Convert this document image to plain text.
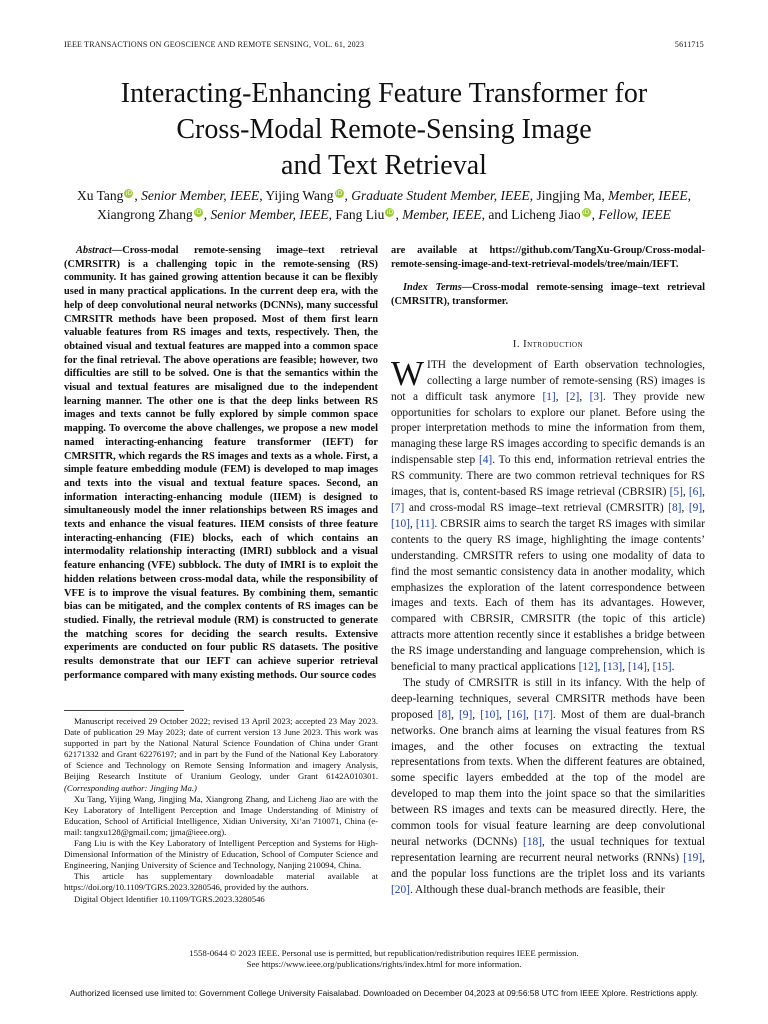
IEEE TRANSACTIONS ON GEOSCIENCE AND REMOTE SENSING, VOL. 61, 2023	5611715
Interacting-Enhancing Feature Transformer for
Cross-Modal Remote-Sensing Image
and Text Retrieval
Xu Tang iD , Senior Member, IEEE, Yijing Wang iD , Graduate Student Member, IEEE, Jingjing Ma, Member, IEEE,
Xiangrong Zhang iD , Senior Member, IEEE, Fang Liu iD , Member, IEEE, and Licheng Jiao iD , Fellow, IEEE

Abstract—Cross-modal remote-sensing image–text retrieval (CMRSITR) is a challenging topic in the remote-sensing (RS) community. It has gained growing attention because it can be flexibly used in many practical applications. In the current deep era, with the help of deep convolutional neural networks (DCNNs), many successful CMRSITR methods have been proposed. Most of them first learn valuable features from RS images and texts, respectively. Then, the obtained visual and textual features are mapped into a common space for the final retrieval. The above operations are feasible; however, two difficulties are still to be solved. One is that the semantics within the visual and textual features are misaligned due to the independent learning manner. The other one is that the deep links between RS images and texts cannot be fully explored by simple common space mapping. To overcome the above challenges, we propose a new model named interacting-enhancing feature transformer (IEFT) for CMRSITR, which regards the RS images and texts as a whole. First, a simple feature embedding module (FEM) is developed to map images and texts into the visual and textual feature spaces. Second, an information interacting-enhancing module (IIEM) is designed to simultaneously model the inner relationships between RS images and texts and enhance the visual features. IIEM consists of three feature interacting-enhancing (FIE) blocks, each of which contains an intermodality relationship interacting (IMRI) subblock and a visual feature enhancing (VFE) subblock. The duty of IMRI is to exploit the hidden relations between cross-modal data, while the responsibility of VFE is to improve the visual features. By combining them, semantic bias can be mitigated, and the complex contents of RS images can be studied. Finally, the retrieval module (RM) is constructed to generate the matching scores for deciding the search results. Extensive experiments are conducted on four public RS datasets. The positive results demonstrate that our IEFT can achieve superior retrieval performance compared with many existing methods. Our source codes

Manuscript received 29 October 2022; revised 13 April 2023; accepted 23 May 2023. Date of publication 29 May 2023; date of current version 13 June 2023. This work was supported in part by the National Natural Science Foundation of China under Grant 62171332 and Grant 62276197; and in part by the Fund of the National Key Laboratory of Science and Technology on Remote Sensing Information and imagery Analysis, Beijing Research Institute of Uranium Geology, under Grant 6142A010301. (Corresponding author: Jingjing Ma.)

Xu Tang, Yijing Wang, Jingjing Ma, Xiangrong Zhang, and Licheng Jiao are with the Key Laboratory of Intelligent Perception and Image Understanding of Ministry of Education, School of Artificial Intelligence, Xidian University, Xi’an 710071, China (e-mail: tangxu128@gmail.com; jjma@ieee.org).

Fang Liu is with the Key Laboratory of Intelligent Perception and Systems for High-Dimensional Information of the Ministry of Education, School of Computer Science and Engineering, Nanjing University of Science and Technology, Nanjing 210094, China.

This article has supplementary downloadable material available at https://doi.org/10.1109/TGRS.2023.3280546, provided by the authors.

Digital Object Identifier 10.1109/TGRS.2023.3280546

are available at https://github.com/TangXu-Group/Cross-modal-remote-sensing-image-and-text-retrieval-models/tree/main/IEFT.

Index Terms—Cross-modal remote-sensing image–text retrieval (CMRSITR), transformer.

I. Introduction

WITH the development of Earth observation technologies, collecting a large number of remote-sensing (RS) images is not a difficult task anymore [1], [2], [3]. They provide new opportunities for scholars to explore our planet. Before using the proper interpretation methods to mine the information from them, managing these large RS images according to specific demands is an indispensable step [4]. To this end, information retrieval entries the RS community. There are two common retrieval techniques for RS images, that is, content-based RS image retrieval (CBRSIR) [5], [6], [7] and cross-modal RS image–text retrieval (CMRSITR) [8], [9], [10], [11]. CBRSIR aims to search the target RS images with similar contents to the query RS image, highlighting the image contents’ understanding. CMRSITR refers to using one modality of data to find the most semantic consistency data in another modality, which emphasizes the exploration of the latent correspondence between images and texts. Each of them has its advantages. However, compared with CBRSIR, CMRSITR (the topic of this article) attracts more attention recently since it establishes a bridge between the RS image understanding and language comprehension, which is beneficial to many practical applications [12], [13], [14], [15].

The study of CMRSITR is still in its infancy. With the help of deep-learning techniques, several CMRSITR methods have been proposed [8], [9], [10], [16], [17]. Most of them are dual-branch networks. One branch aims at learning the visual features from RS images, and the other focuses on extracting the textual representations from texts. When the different features are obtained, some specific layers embedded at the top of the model are developed to map them into the joint space so that the similarities between RS images and texts can be measured directly. Here, the common tools for visual feature learning are deep convolutional neural networks (DCNNs) [18], the usual techniques for textual representation learning are recurrent neural networks (RNNs) [19], and the popular loss functions are the triplet loss and its variants [20]. Although these dual-branch methods are feasible, their

1558-0644 © 2023 IEEE. Personal use is permitted, but republication/redistribution requires IEEE permission.
See https://www.ieee.org/publications/rights/index.html for more information.
Authorized licensed use limited to: Government College University Faisalabad. Downloaded on December 04,2023 at 09:56:58 UTC from IEEE Xplore. Restrictions apply.
